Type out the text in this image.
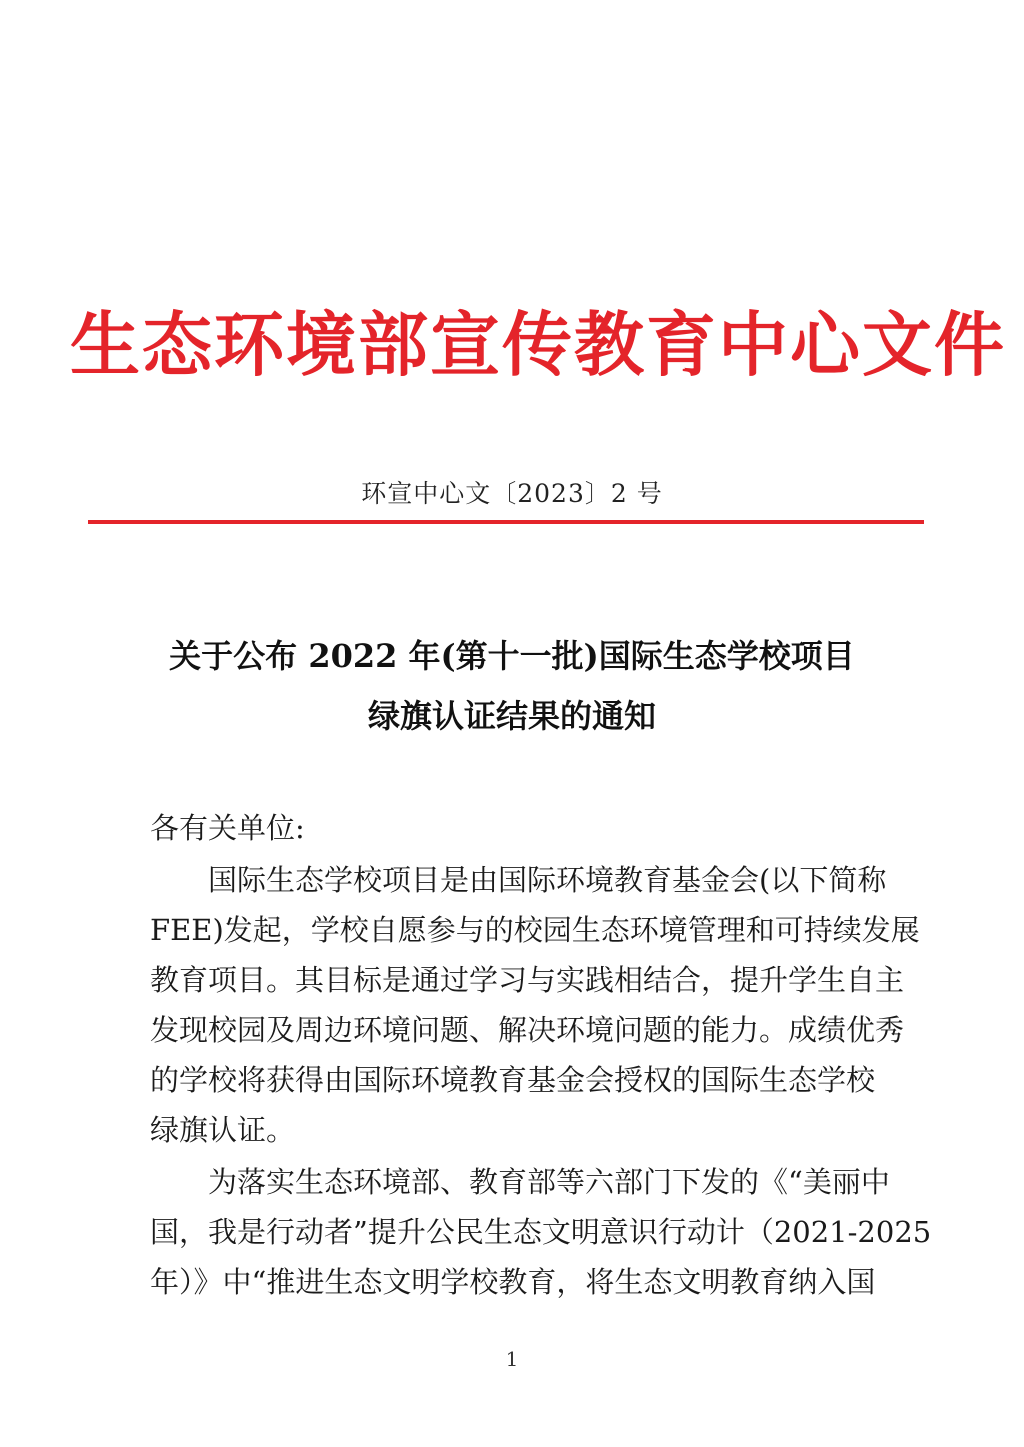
生态环境部宣传教育中心文件
环宣中心文〔2023〕2 号
关于公布 2022 年(第十一批)国际生态学校项目
绿旗认证结果的通知
各有关单位:
　　国际生态学校项目是由国际环境教育基金会(以下简称
FEE)发起，学校自愿参与的校园生态环境管理和可持续发展
教育项目。其目标是通过学习与实践相结合，提升学生自主
发现校园及周边环境问题、解决环境问题的能力。成绩优秀
的学校将获得由国际环境教育基金会授权的国际生态学校
绿旗认证。
　　为落实生态环境部、教育部等六部门下发的《“美丽中
国，我是行动者”提升公民生态文明意识行动计（2021-2025
年）》中“推进生态文明学校教育，将生态文明教育纳入国
1
